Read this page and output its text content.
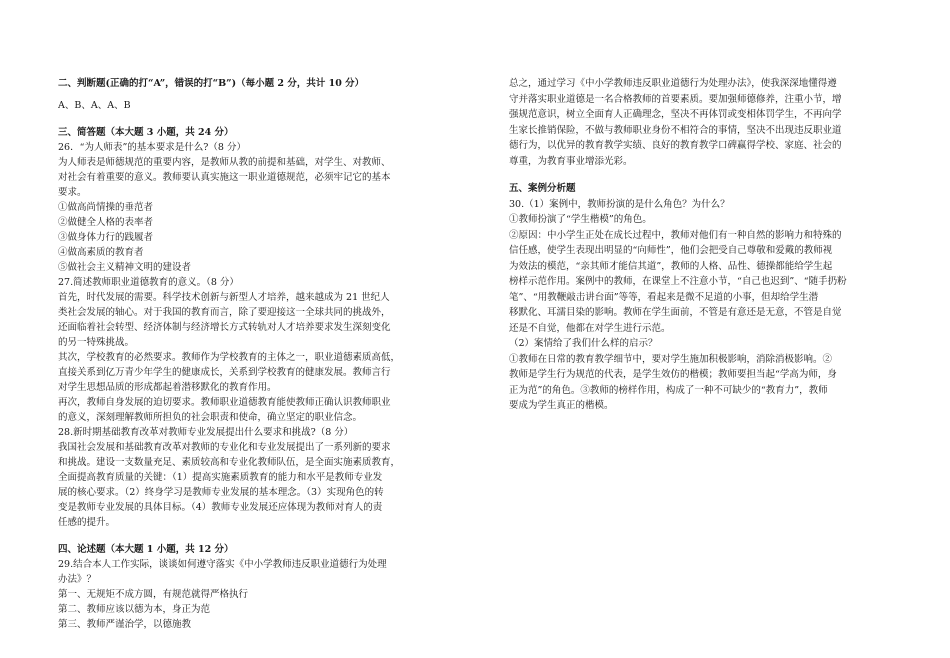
二、判断题(正确的打“A”，错误的打“B”)（每小题 2 分，共计 10 分）
A、B、A、A、B
三、简答题（本大题 3 小题，共 24 分）
26．“为人师表”的基本要求是什么?（8 分）
为人师表是师德规范的重要内容，是教师从教的前提和基础，对学生、对教师、
对社会有着重要的意义。教师要认真实施这一职业道德规范，必须牢记它的基本
要求。
①做高尚情操的垂范者
②做健全人格的表率者
③做身体力行的践履者
④做高素质的教育者
⑤做社会主义精神文明的建设者
27.简述教师职业道德教育的意义。（8 分）
首先，时代发展的需要。科学技术创新与新型人才培养，越来越成为 21 世纪人
类社会发展的轴心。对于我国的教育而言，除了要迎接这一全球共同的挑战外，
还面临着社会转型、经济体制与经济增长方式转轨对人才培养要求发生深刻变化
的另一特殊挑战。
其次，学校教育的必然要求。教师作为学校教育的主体之一，职业道德素质高低，
直接关系到亿万青少年学生的健康成长，关系到学校教育的健康发展。教师言行
对学生思想品质的形成都起着潜移默化的教育作用。
再次，教师自身发展的迫切要求。教师职业道德教育能使教师正确认识教师职业
的意义，深刻理解教师所担负的社会职责和使命，确立坚定的职业信念。
28.新时期基础教育改革对教师专业发展提出什么要求和挑战?（8 分）
我国社会发展和基础教育改革对教师的专业化和专业发展提出了一系列新的要求
和挑战。建设一支数量充足、素质较高和专业化教师队伍，是全面实施素质教育，
全面提高教育质量的关键：（1）提高实施素质教育的能力和水平是教师专业发
展的核心要求。（2）终身学习是教师专业发展的基本理念。（3）实现角色的转
变是教师专业发展的具体目标。（4）教师专业发展还应体现为教师对育人的责
任感的提升。
四、论述题（本大题 1 小题，共 12 分）
29.结合本人工作实际，谈谈如何遵守落实《中小学教师违反职业道德行为处理
办法》？
第一、无规矩不成方圆，有规范就得严格执行
第二、教师应该以德为本，身正为范
第三、教师严谨治学，以德施教
总之，通过学习《中小学教师违反职业道德行为处理办法》，使我深深地懂得遵
守并落实职业道德是一名合格教师的首要素质。要加强师德修养，注重小节，增
强规范意识，树立全面育人正确理念，坚决不再体罚或变相体罚学生，不再向学
生家长推销保险，不做与教师职业身份不相符合的事情，坚决不出现违反职业道
德行为，以优异的教育教学实绩、良好的教育教学口碑赢得学校、家庭、社会的
尊重，为教育事业增添光彩。
五、案例分析题
30.（1）案例中，教师扮演的是什么角色？为什么？
①教师扮演了“学生楷模”的角色。
②原因：中小学生正处在成长过程中，教师对他们有一种自然的影响力和特殊的
信任感，使学生表现出明显的“向师性”，他们会把受自己尊敬和爱戴的教师视
为效法的模范，“亲其师才能信其道”，教师的人格、品性、德操都能给学生起
榜样示范作用。案例中的教师，在课堂上不注意小节，“自己也迟到”、“随手扔粉
笔”、“用教鞭敲击讲台面”等等，看起来是微不足道的小事，但却给学生潜
移默化、耳濡目染的影响。教师在学生面前，不管是有意还是无意，不管是自觉
还是不自觉，他都在对学生进行示范。
（2）案情给了我们什么样的启示？
①教师在日常的教育教学细节中，要对学生施加积极影响，消除消极影响。②
教师是学生行为规范的代表，是学生效仿的楷模；教师要担当起“学高为师，身
正为范”的角色。③教师的榜样作用，构成了一种不可缺少的“教育力”，教师
要成为学生真正的楷模。
